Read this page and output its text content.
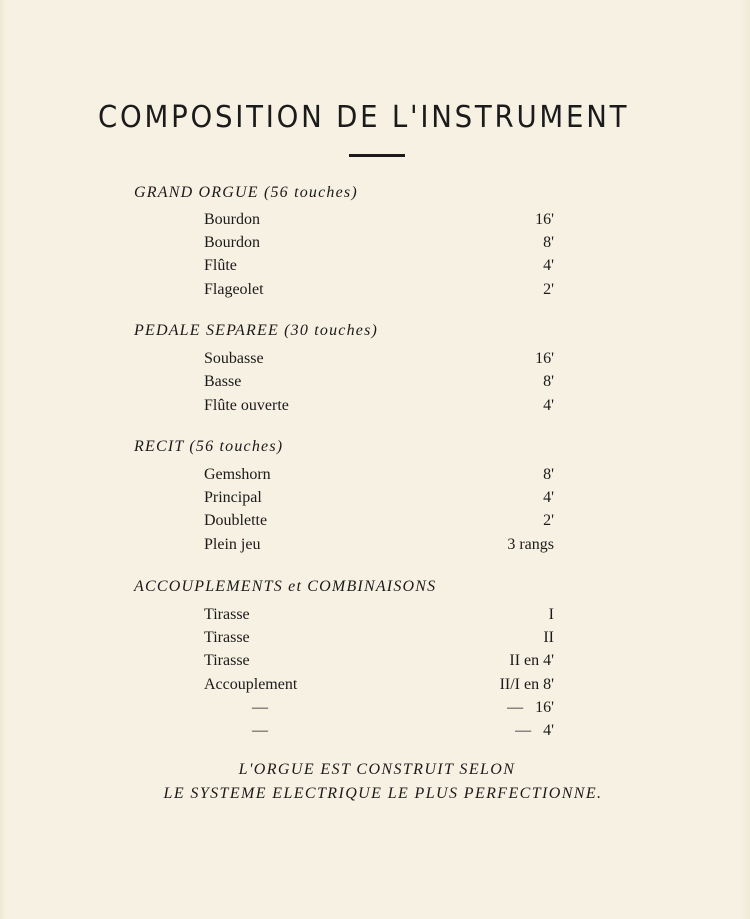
COMPOSITION DE L'INSTRUMENT
GRAND ORGUE (56 touches)
Bourdon	16'
Bourdon	8'
Flûte	4'
Flageolet	2'
PEDALE SEPAREE (30 touches)
Soubasse	16'
Basse	8'
Flûte ouverte	4'
RECIT (56 touches)
Gemshorn	8'
Principal	4'
Doublette	2'
Plein jeu	3 rangs
ACCOUPLEMENTS et COMBINAISONS
Tirasse	I
Tirasse	II
Tirasse	II en 4'
Accouplement	II/I en 8'
—	—   16'
—	—   4'
L'ORGUE EST CONSTRUIT SELON
LE SYSTEME ELECTRIQUE LE PLUS PERFECTIONNE.
